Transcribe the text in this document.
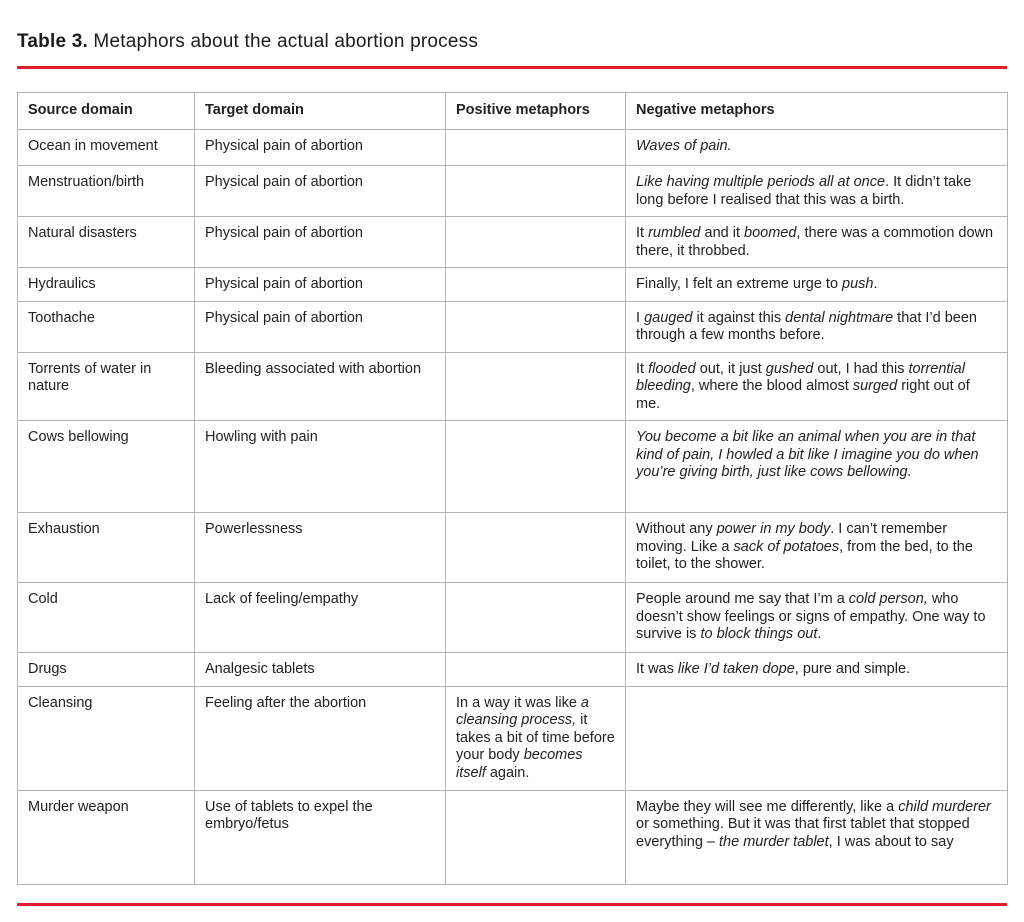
Table 3. Metaphors about the actual abortion process
Source domain	Target domain	Positive metaphors	Negative metaphors
Ocean in movement	Physical pain of abortion		Waves of pain.
Menstruation/birth	Physical pain of abortion		Like having multiple periods all at once. It didn’t take long before I realised that this was a birth.
Natural disasters	Physical pain of abortion		It rumbled and it boomed, there was a commotion down there, it throbbed.
Hydraulics	Physical pain of abortion		Finally, I felt an extreme urge to push.
Toothache	Physical pain of abortion		I gauged it against this dental nightmare that I’d been through a few months before.
Torrents of water in nature	Bleeding associated with abortion		It flooded out, it just gushed out, I had this torrential bleeding, where the blood almost surged right out of me.
Cows bellowing	Howling with pain		You become a bit like an animal when you are in that kind of pain, I howled a bit like I imagine you do when you’re giving birth, just like cows bellowing.
Exhaustion	Powerlessness		Without any power in my body. I can’t remember moving. Like a sack of potatoes, from the bed, to the toilet, to the shower.
Cold	Lack of feeling/empathy		People around me say that I’m a cold person, who doesn’t show feelings or signs of empathy. One way to survive is to block things out.
Drugs	Analgesic tablets		It was like I’d taken dope, pure and simple.
Cleansing	Feeling after the abortion	In a way it was like a cleansing process, it takes a bit of time before your body becomes itself again.	
Murder weapon	Use of tablets to expel the embryo/fetus		Maybe they will see me differently, like a child murderer or something. But it was that first tablet that stopped everything – the murder tablet, I was about to say
